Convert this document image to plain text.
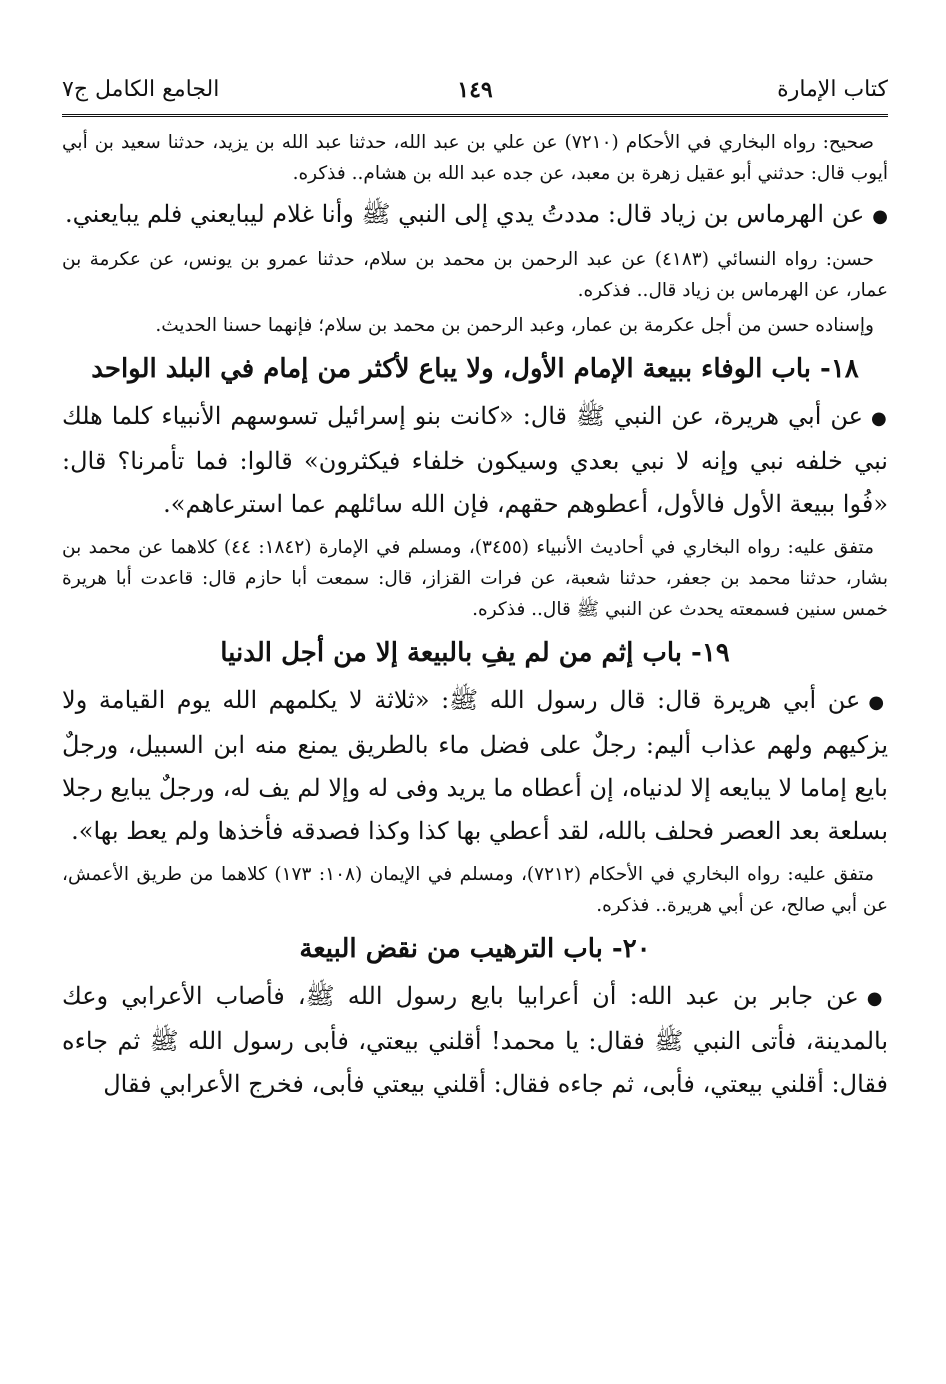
كتاب الإمارة
١٤٩
الجامع الكامل ج٧

صحيح: رواه البخاري في الأحكام (٧٢١٠) عن علي بن عبد الله، حدثنا عبد الله بن يزيد، حدثنا سعيد بن أبي أيوب قال: حدثني أبو عقيل زهرة بن معبد، عن جده عبد الله بن هشام.. فذكره.

●عن الهرماس بن زياد قال: مددتُ يدي إلى النبي ﷺ وأنا غلام ليبايعني فلم يبايعني.

حسن: رواه النسائي (٤١٨٣) عن عبد الرحمن بن محمد بن سلام، حدثنا عمرو بن يونس، عن عكرمة بن عمار، عن الهرماس بن زياد قال.. فذكره.

وإسناده حسن من أجل عكرمة بن عمار، وعبد الرحمن بن محمد بن سلام؛ فإنهما حسنا الحديث.

١٨- باب الوفاء ببيعة الإمام الأول، ولا يباع لأكثر من إمام في البلد الواحد

●عن أبي هريرة، عن النبي ﷺ قال: «كانت بنو إسرائيل تسوسهم الأنبياء كلما هلك نبي خلفه نبي وإنه لا نبي بعدي وسيكون خلفاء فيكثرون» قالوا: فما تأمرنا؟ قال: «فُوا ببيعة الأول فالأول، أعطوهم حقهم، فإن الله سائلهم عما استرعاهم».

متفق عليه: رواه البخاري في أحاديث الأنبياء (٣٤٥٥)، ومسلم في الإمارة (١٨٤٢: ٤٤) كلاهما عن محمد بن بشار، حدثنا محمد بن جعفر، حدثنا شعبة، عن فرات القزاز، قال: سمعت أبا حازم قال: قاعدت أبا هريرة خمس سنين فسمعته يحدث عن النبي ﷺ قال.. فذكره.

١٩- باب إثم من لم يفِ بالبيعة إلا من أجل الدنيا

●عن أبي هريرة قال: قال رسول الله ﷺ: «ثلاثة لا يكلمهم الله يوم القيامة ولا يزكيهم ولهم عذاب أليم: رجلٌ على فضل ماء بالطريق يمنع منه ابن السبيل، ورجلٌ بايع إماما لا يبايعه إلا لدنياه، إن أعطاه ما يريد وفى له وإلا لم يف له، ورجلٌ يبايع رجلا بسلعة بعد العصر فحلف بالله، لقد أعطي بها كذا وكذا فصدقه فأخذها ولم يعط بها».

متفق عليه: رواه البخاري في الأحكام (٧٢١٢)، ومسلم في الإيمان (١٠٨: ١٧٣) كلاهما من طريق الأعمش، عن أبي صالح، عن أبي هريرة.. فذكره.

٢٠- باب الترهيب من نقض البيعة

●عن جابر بن عبد الله: أن أعرابيا بايع رسول الله ﷺ، فأصاب الأعرابي وعك بالمدينة، فأتى النبي ﷺ فقال: يا محمد! أقلني بيعتي، فأبى رسول الله ﷺ ثم جاءه فقال: أقلني بيعتي، فأبى، ثم جاءه فقال: أقلني بيعتي فأبى، فخرج الأعرابي فقال
